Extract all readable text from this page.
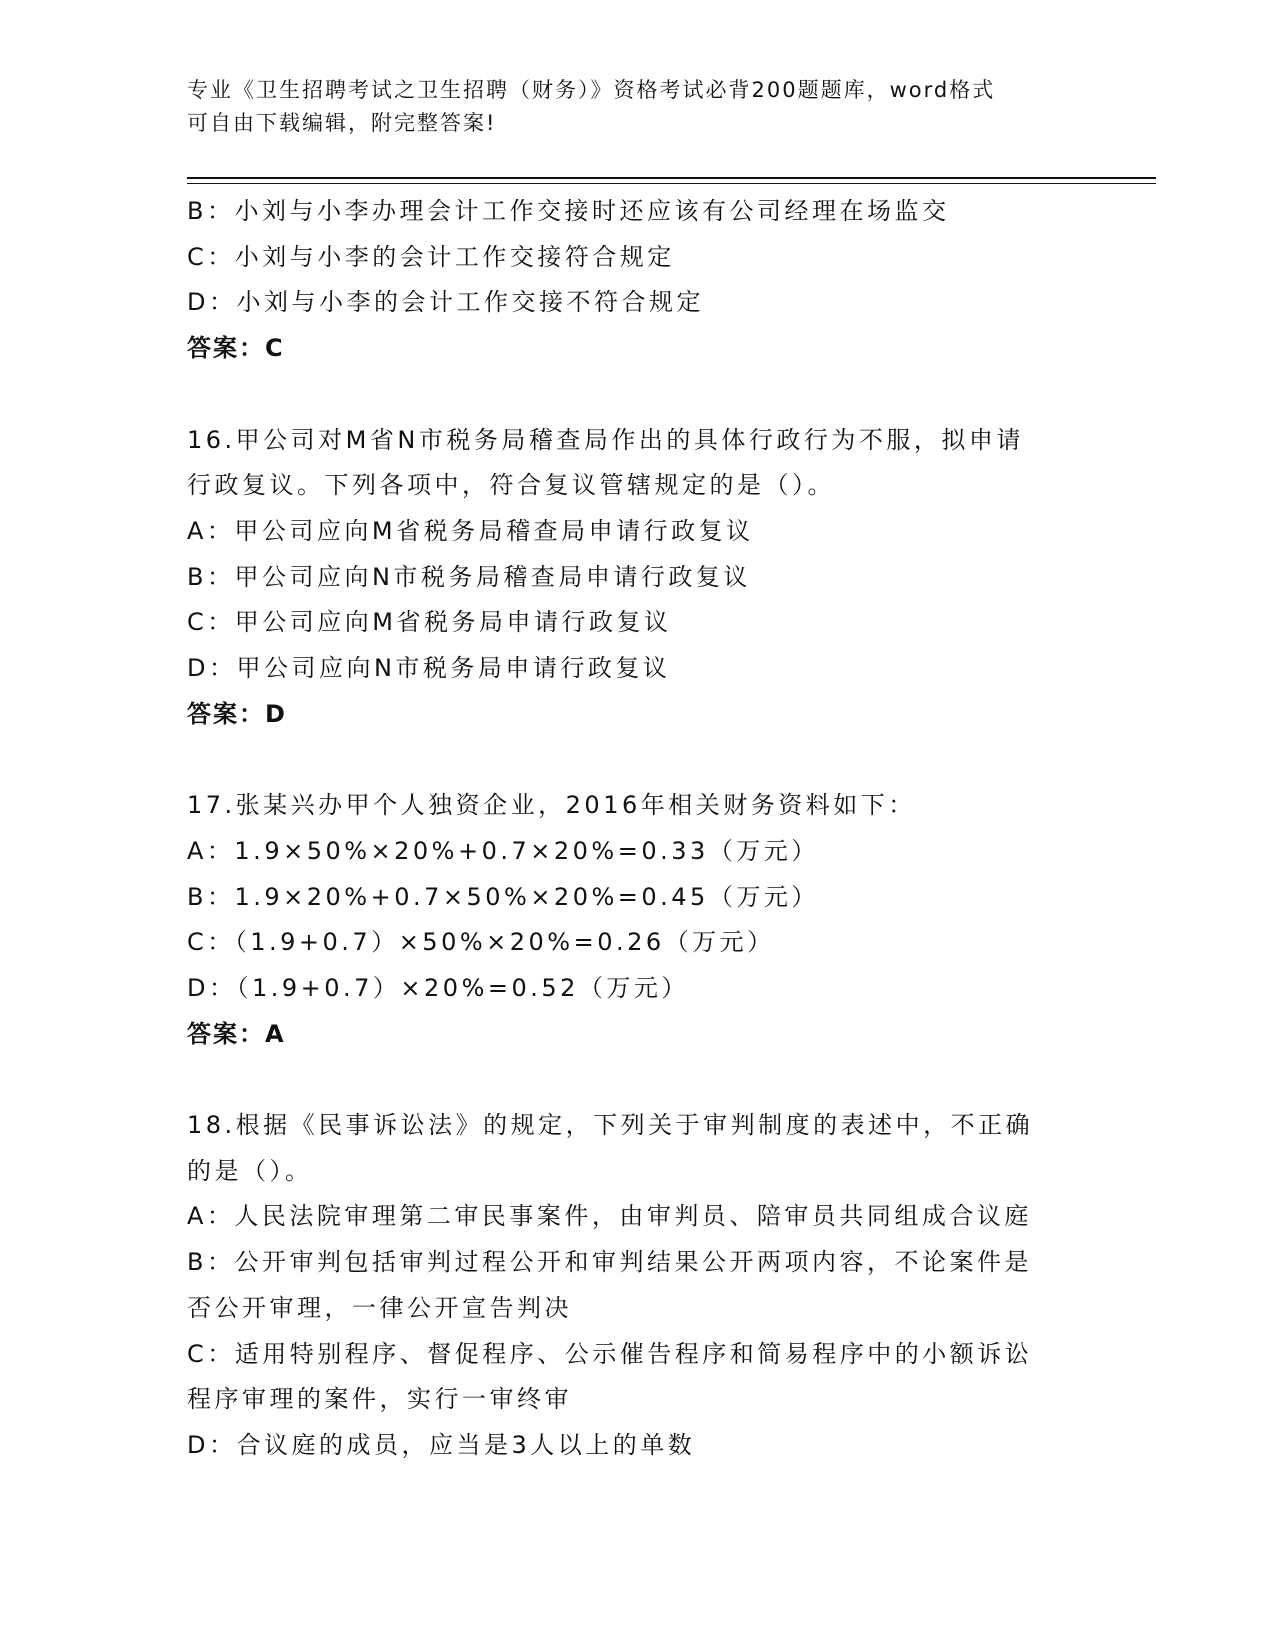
专业《卫生招聘考试之卫生招聘（财务）》资格考试必背200题题库，word格式
可自由下载编辑，附完整答案!
B：小刘与小李办理会计工作交接时还应该有公司经理在场监交
C：小刘与小李的会计工作交接符合规定
D：小刘与小李的会计工作交接不符合规定
答案：C
16.甲公司对M省N市税务局稽查局作出的具体行政行为不服，拟申请
行政复议。下列各项中，符合复议管辖规定的是（）。
A：甲公司应向M省税务局稽查局申请行政复议
B：甲公司应向N市税务局稽查局申请行政复议
C：甲公司应向M省税务局申请行政复议
D：甲公司应向N市税务局申请行政复议
答案：D
17.张某兴办甲个人独资企业，2016年相关财务资料如下：
A：1.9×50%×20%+0.7×20%=0.33（万元）
B：1.9×20%+0.7×50%×20%=0.45（万元）
C：（1.9+0.7）×50%×20%=0.26（万元）
D：（1.9+0.7）×20%=0.52（万元）
答案：A
18.根据《民事诉讼法》的规定，下列关于审判制度的表述中，不正确
的是（）。
A：人民法院审理第二审民事案件，由审判员、陪审员共同组成合议庭
B：公开审判包括审判过程公开和审判结果公开两项内容，不论案件是
否公开审理，一律公开宣告判决
C：适用特别程序、督促程序、公示催告程序和简易程序中的小额诉讼
程序审理的案件，实行一审终审
D：合议庭的成员，应当是3人以上的单数
